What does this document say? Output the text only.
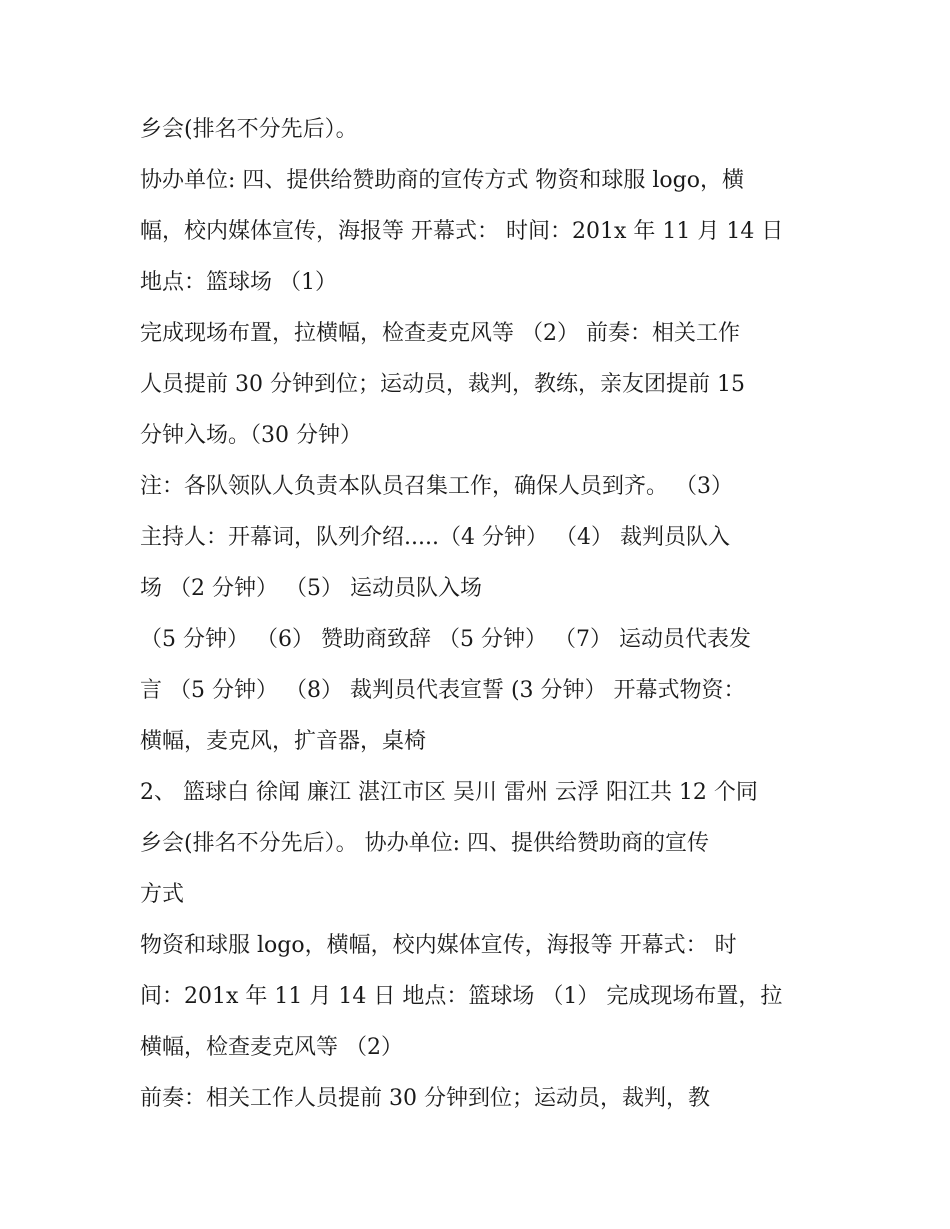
乡会(排名不分先后）。
协办单位: 四、提供给赞助商的宣传方式 物资和球服 logo，横
幅，校内媒体宣传，海报等 开幕式： 时间：201x 年 11 月 14 日
地点：篮球场 （1）
完成现场布置，拉横幅，检查麦克风等 （2） 前奏：相关工作
人员提前 30 分钟到位；运动员，裁判，教练，亲友团提前 15
分钟入场。（30 分钟）
注：各队领队人负责本队员召集工作，确保人员到齐。 （3）
主持人：开幕词，队列介绍.....（4 分钟） （4） 裁判员队入
场 （2 分钟） （5） 运动员队入场
（5 分钟） （6） 赞助商致辞 （5 分钟） （7） 运动员代表发
言 （5 分钟） （8） 裁判员代表宣誓 (3 分钟） 开幕式物资：
横幅，麦克风，扩音器，桌椅
2、 篮球白 徐闻 廉江 湛江市区 吴川 雷州 云浮 阳江共 12 个同
乡会(排名不分先后）。 协办单位: 四、提供给赞助商的宣传
方式
物资和球服 logo，横幅，校内媒体宣传，海报等 开幕式： 时
间：201x 年 11 月 14 日 地点：篮球场 （1） 完成现场布置，拉
横幅，检查麦克风等 （2）
前奏：相关工作人员提前 30 分钟到位；运动员，裁判，教
